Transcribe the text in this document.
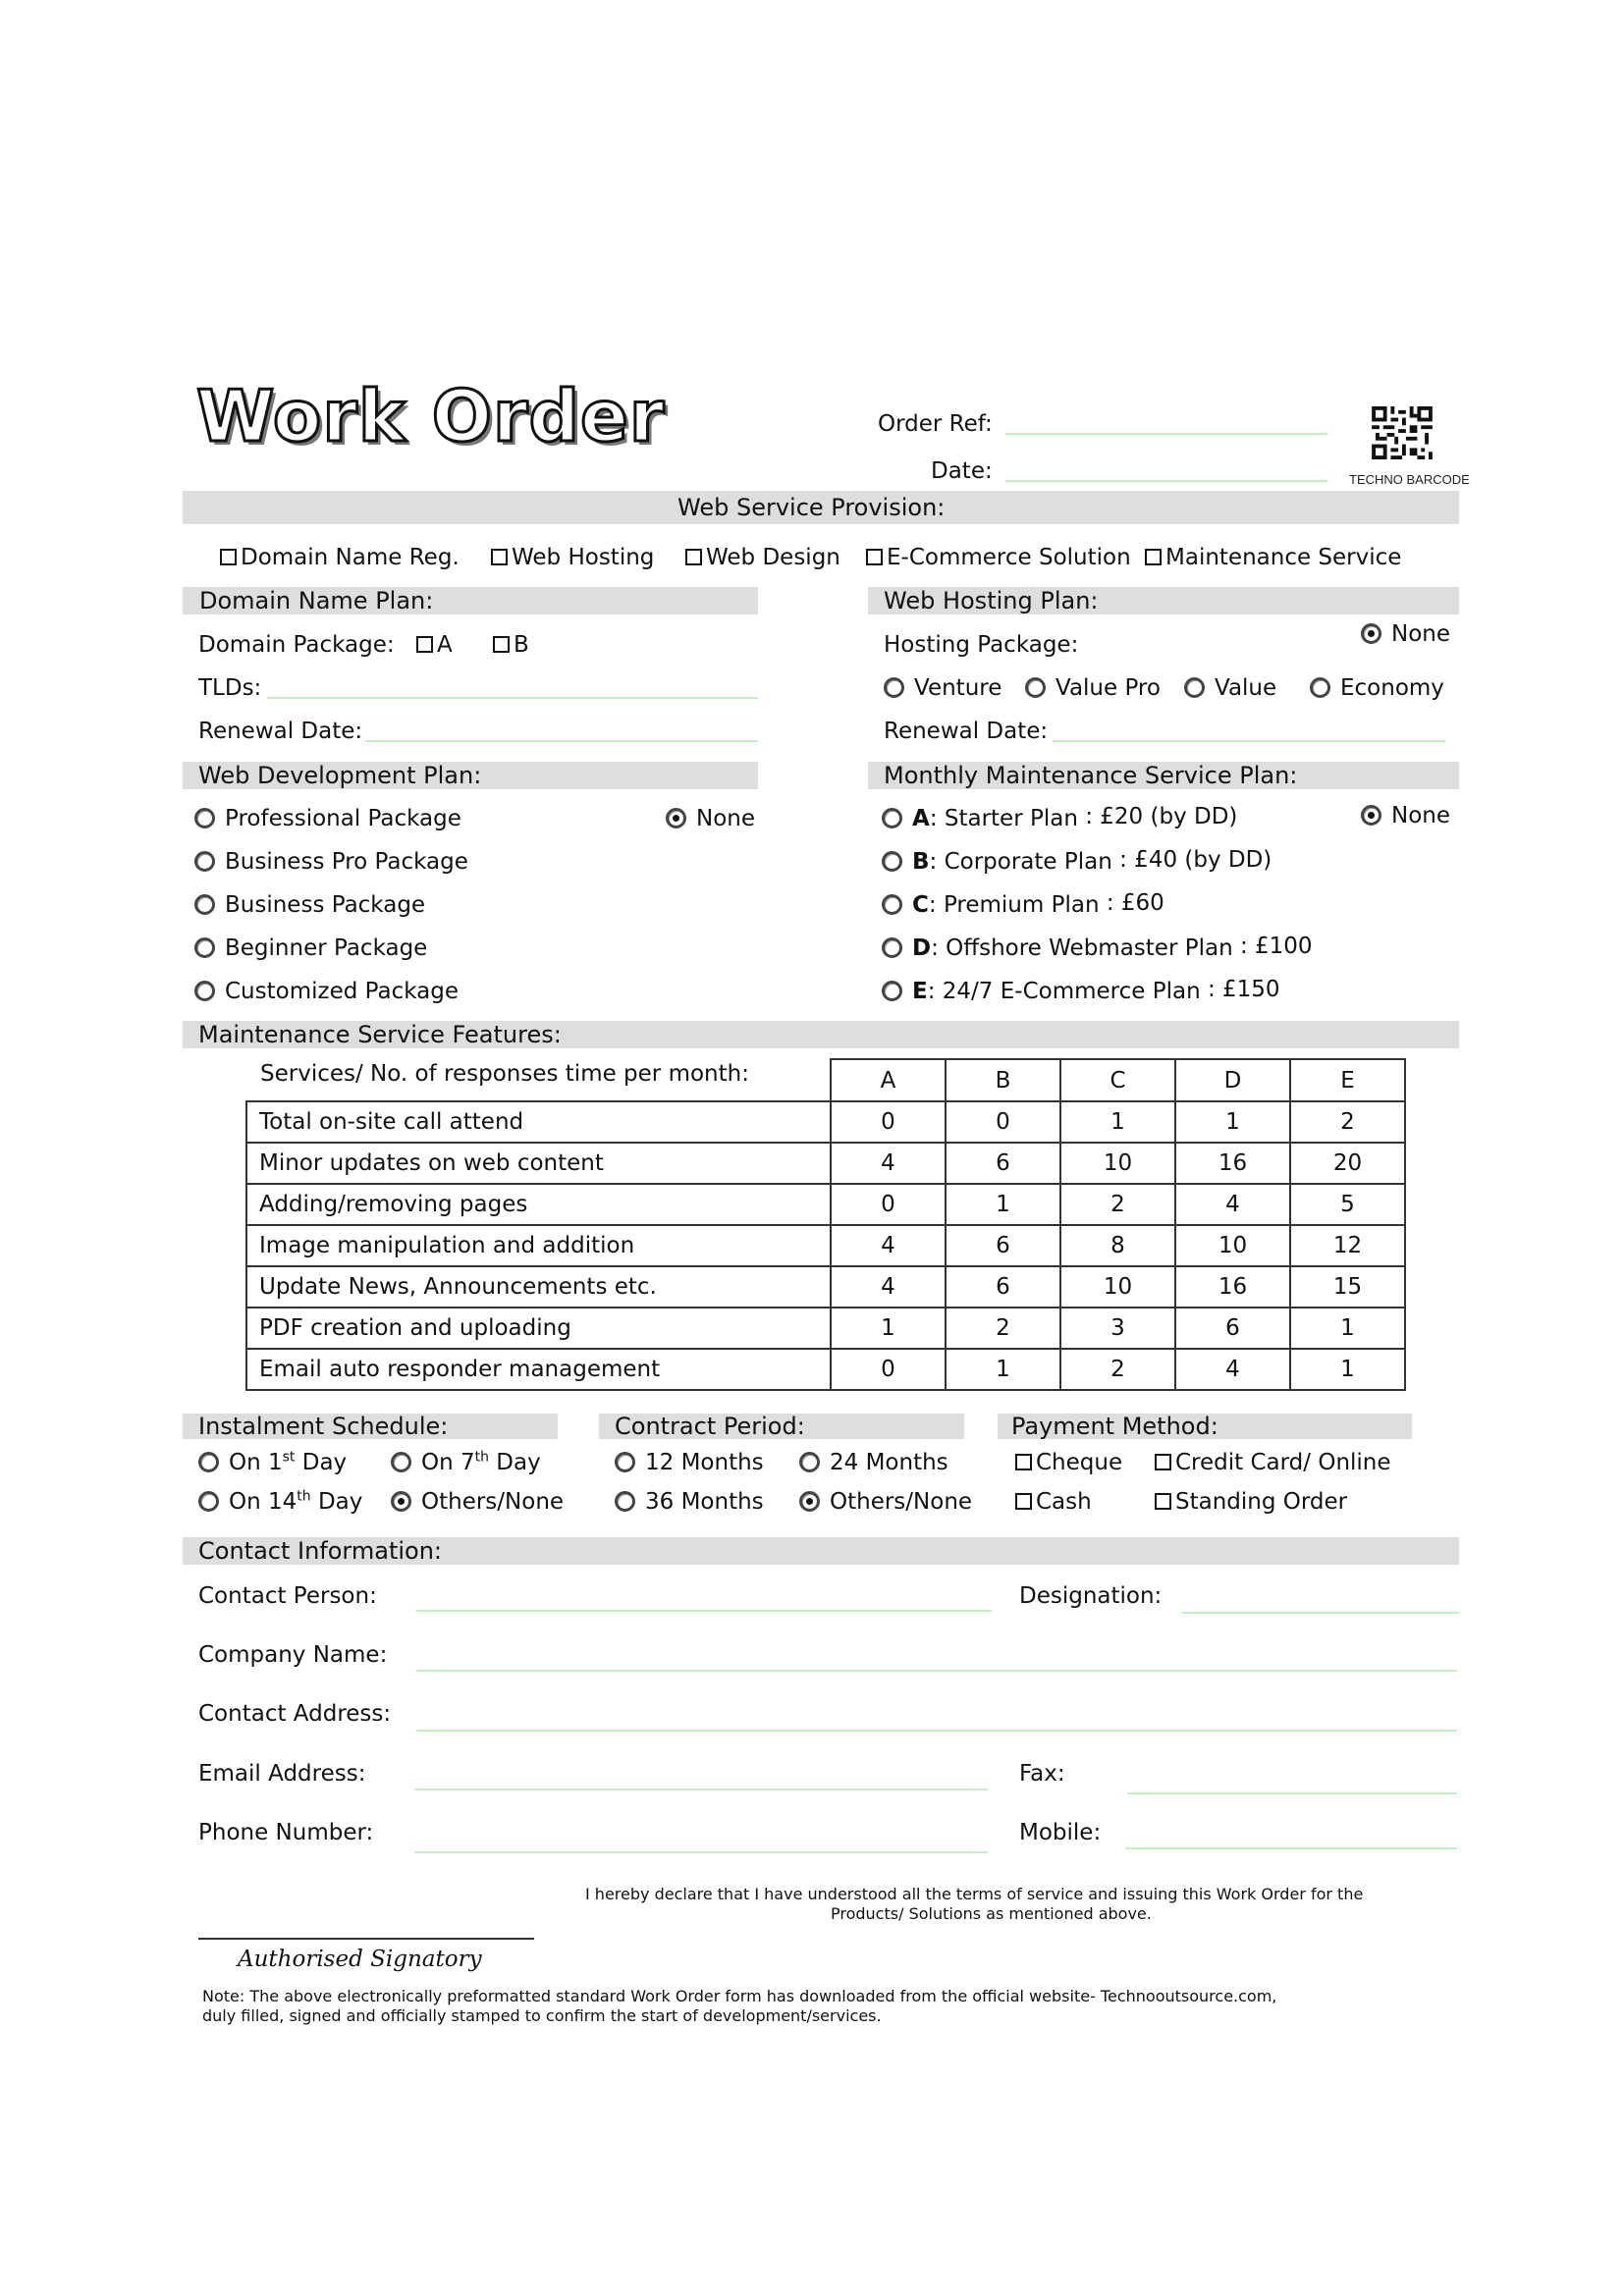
Work Order	Order Ref:
Date:	TECHNO BARCODE
Web Service Provision:
Domain Name Reg.	Web Hosting	Web Design	E-Commerce Solution	Maintenance Service
Domain Name Plan:
Domain Package:	A	B
TLDs:
Renewal Date:
Web Hosting Plan:
Hosting Package:	None
Venture	Value Pro	Value	Economy
Renewal Date:
Web Development Plan:
None
Professional Package
Business Pro Package
Business Package
Beginner Package
Customized Package
Monthly Maintenance Service Plan:
None
A: Starter Plan : £20 (by DD)
B: Corporate Plan : £40 (by DD)
C: Premium Plan : £60
D: Offshore Webmaster Plan : £100
E: 24/7 E-Commerce Plan : £150
Maintenance Service Features:
Services/ No. of responses time per month:	A	B	C	D	E
Total on-site call attend	0	0	1	1	2
Minor updates on web content	4	6	10	16	20
Adding/removing pages	0	1	2	4	5
Image manipulation and addition	4	6	8	10	12
Update News, Announcements etc.	4	6	10	16	15
PDF creation and uploading	1	2	3	6	1
Email auto responder management	0	1	2	4	1
Instalment Schedule:	Contract Period:	Payment Method:
On 1st Day	On 7th Day
On 14th Day	Others/None
12 Months	24 Months
36 Months	Others/None
Cheque	Credit Card/ Online
Cash	Standing Order
Contact Information:
Contact Person:	Designation:
Company Name:
Contact Address:
Email Address:	Fax:
Phone Number:	Mobile:
I hereby declare that I have understood all the terms of service and issuing this Work Order for the
Products/ Solutions as mentioned above.
Authorised Signatory
Note: The above electronically preformatted standard Work Order form has downloaded from the official website- Technooutsource.com,
duly filled, signed and officially stamped to confirm the start of development/services.
